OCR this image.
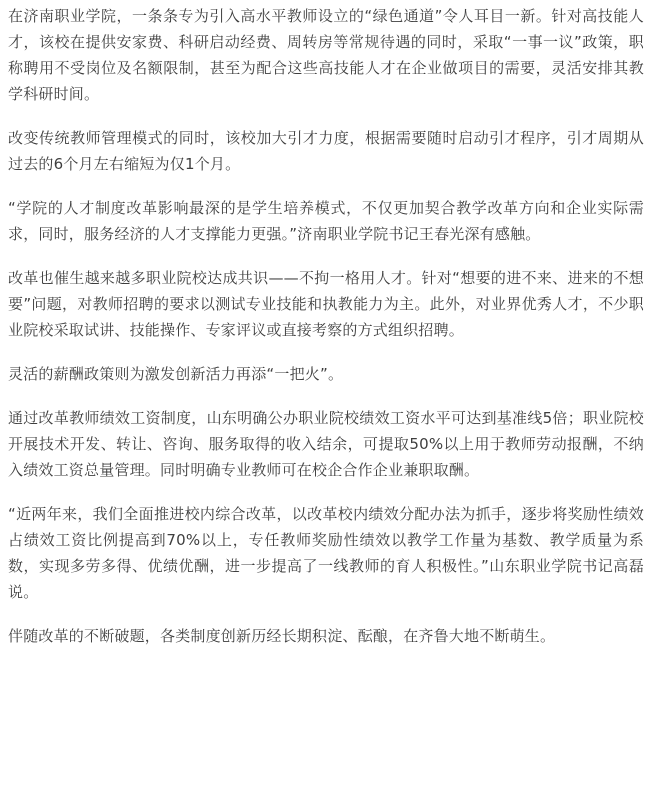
在济南职业学院，一条条专为引入高水平教师设立的“绿色通道”令人耳目一新。针对高技能人才，该校在提供安家费、科研启动经费、周转房等常规待遇的同时，采取“一事一议”政策，职称聘用不受岗位及名额限制，甚至为配合这些高技能人才在企业做项目的需要，灵活安排其教学科研时间。

改变传统教师管理模式的同时，该校加大引才力度，根据需要随时启动引才程序，引才周期从过去的6个月左右缩短为仅1个月。

“学院的人才制度改革影响最深的是学生培养模式，不仅更加契合教学改革方向和企业实际需求，同时，服务经济的人才支撑能力更强。”济南职业学院书记王春光深有感触。

改革也催生越来越多职业院校达成共识——不拘一格用人才。针对“想要的进不来、进来的不想要”问题，对教师招聘的要求以测试专业技能和执教能力为主。此外，对业界优秀人才，不少职业院校采取试讲、技能操作、专家评议或直接考察的方式组织招聘。

灵活的薪酬政策则为激发创新活力再添“一把火”。

通过改革教师绩效工资制度，山东明确公办职业院校绩效工资水平可达到基准线5倍；职业院校开展技术开发、转让、咨询、服务取得的收入结余，可提取50%以上用于教师劳动报酬，不纳入绩效工资总量管理。同时明确专业教师可在校企合作企业兼职取酬。

“近两年来，我们全面推进校内综合改革，以改革校内绩效分配办法为抓手，逐步将奖励性绩效占绩效工资比例提高到70%以上，专任教师奖励性绩效以教学工作量为基数、教学质量为系数，实现多劳多得、优绩优酬，进一步提高了一线教师的育人积极性。”山东职业学院书记高磊说。

伴随改革的不断破题，各类制度创新历经长期积淀、酝酿，在齐鲁大地不断萌生。
